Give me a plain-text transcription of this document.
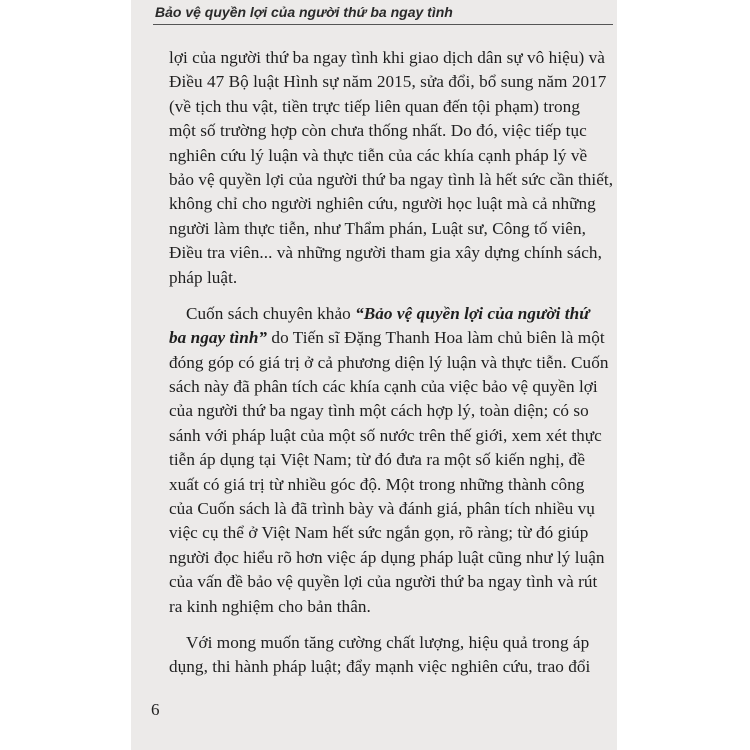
Bảo vệ quyền lợi của người thứ ba ngay tình
lợi của người thứ ba ngay tình khi giao dịch dân sự vô hiệu) và
Điều 47 Bộ luật Hình sự năm 2015, sửa đổi, bổ sung năm 2017
(về tịch thu vật, tiền trực tiếp liên quan đến tội phạm) trong
một số trường hợp còn chưa thống nhất. Do đó, việc tiếp tục
nghiên cứu lý luận và thực tiễn của các khía cạnh pháp lý về
bảo vệ quyền lợi của người thứ ba ngay tình là hết sức cần thiết,
không chỉ cho người nghiên cứu, người học luật mà cả những
người làm thực tiễn, như Thẩm phán, Luật sư, Công tố viên,
Điều tra viên... và những người tham gia xây dựng chính sách,
pháp luật.
Cuốn sách chuyên khảo “Bảo vệ quyền lợi của người thứ
ba ngay tình” do Tiến sĩ Đặng Thanh Hoa làm chủ biên là một
đóng góp có giá trị ở cả phương diện lý luận và thực tiễn. Cuốn
sách này đã phân tích các khía cạnh của việc bảo vệ quyền lợi
của người thứ ba ngay tình một cách hợp lý, toàn diện; có so
sánh với pháp luật của một số nước trên thế giới, xem xét thực
tiễn áp dụng tại Việt Nam; từ đó đưa ra một số kiến nghị, đề
xuất có giá trị từ nhiều góc độ. Một trong những thành công
của Cuốn sách là đã trình bày và đánh giá, phân tích nhiều vụ
việc cụ thể ở Việt Nam hết sức ngắn gọn, rõ ràng; từ đó giúp
người đọc hiểu rõ hơn việc áp dụng pháp luật cũng như lý luận
của vấn đề bảo vệ quyền lợi của người thứ ba ngay tình và rút
ra kinh nghiệm cho bản thân.
Với mong muốn tăng cường chất lượng, hiệu quả trong áp
dụng, thi hành pháp luật; đẩy mạnh việc nghiên cứu, trao đổi
6
